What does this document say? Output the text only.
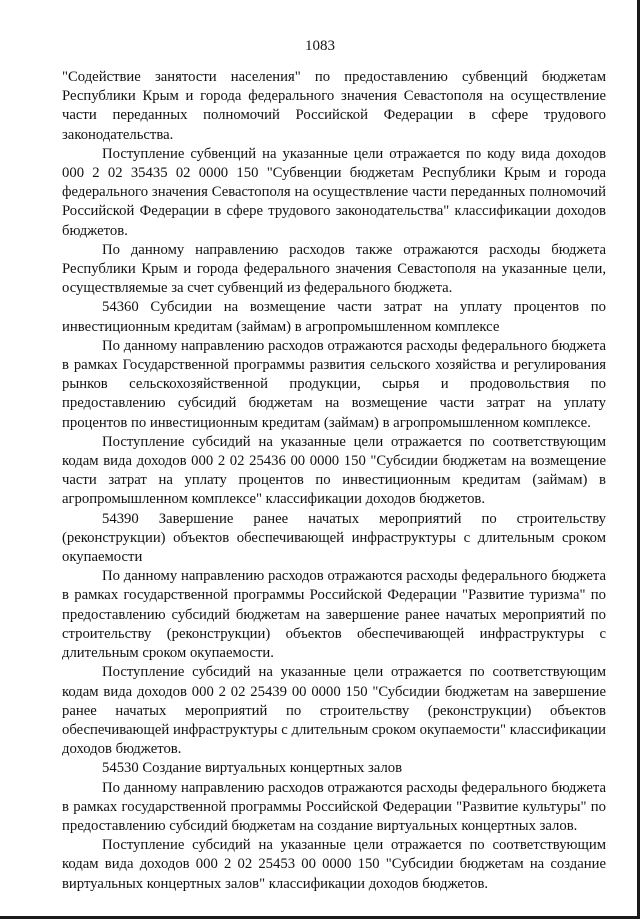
1083

"Содействие занятости населения" по предоставлению субвенций бюджетам Республики Крым и города федерального значения Севастополя на осуществление части переданных полномочий Российской Федерации в сфере трудового законодательства.

Поступление субвенций на указанные цели отражается по коду вида доходов 000 2 02 35435 02 0000 150 "Субвенции бюджетам Республики Крым и города федерального значения Севастополя на осуществление части переданных полномочий Российской Федерации в сфере трудового законодательства" классификации доходов бюджетов.

По данному направлению расходов также отражаются расходы бюджета Республики Крым и города федерального значения Севастополя на указанные цели, осуществляемые за счет субвенций из федерального бюджета.

54360 Субсидии на возмещение части затрат на уплату процентов по инвестиционным кредитам (займам) в агропромышленном комплексе

По данному направлению расходов отражаются расходы федерального бюджета в рамках Государственной программы развития сельского хозяйства и регулирования рынков сельскохозяйственной продукции, сырья и продовольствия по предоставлению субсидий бюджетам на возмещение части затрат на уплату процентов по инвестиционным кредитам (займам) в агропромышленном комплексе.

Поступление субсидий на указанные цели отражается по соответствующим кодам вида доходов 000 2 02 25436 00 0000 150 "Субсидии бюджетам на возмещение части затрат на уплату процентов по инвестиционным кредитам (займам) в агропромышленном комплексе" классификации доходов бюджетов.

54390 Завершение ранее начатых мероприятий по строительству (реконструкции) объектов обеспечивающей инфраструктуры с длительным сроком окупаемости

По данному направлению расходов отражаются расходы федерального бюджета в рамках государственной программы Российской Федерации "Развитие туризма" по предоставлению субсидий бюджетам на завершение ранее начатых мероприятий по строительству (реконструкции) объектов обеспечивающей инфраструктуры с длительным сроком окупаемости.

Поступление субсидий на указанные цели отражается по соответствующим кодам вида доходов 000 2 02 25439 00 0000 150 "Субсидии бюджетам на завершение ранее начатых мероприятий по строительству (реконструкции) объектов обеспечивающей инфраструктуры с длительным сроком окупаемости" классификации доходов бюджетов.

54530 Создание виртуальных концертных залов

По данному направлению расходов отражаются расходы федерального бюджета в рамках государственной программы Российской Федерации "Развитие культуры" по предоставлению субсидий бюджетам на создание виртуальных концертных залов.

Поступление субсидий на указанные цели отражается по соответствующим кодам вида доходов 000 2 02 25453 00 0000 150 "Субсидии бюджетам на создание виртуальных концертных залов" классификации доходов бюджетов.
